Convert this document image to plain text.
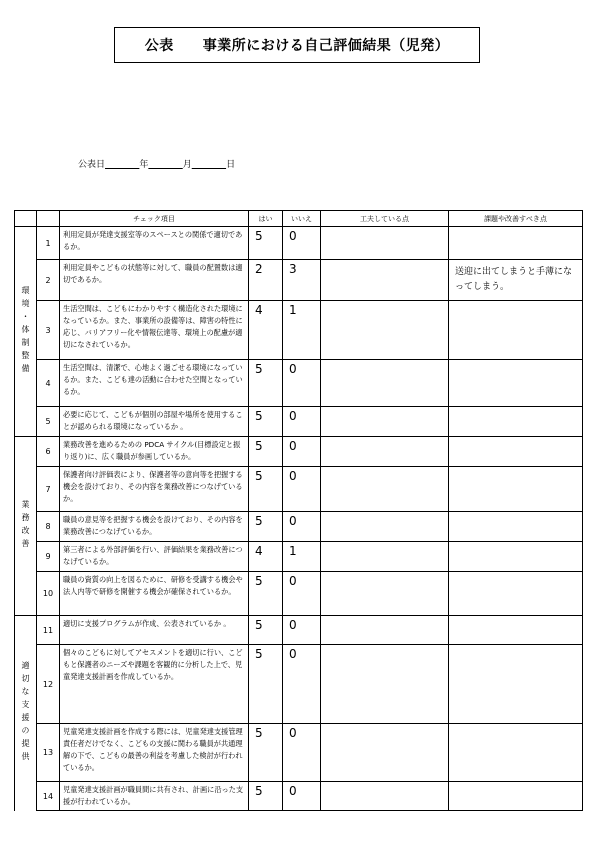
公表　　事業所における自己評価結果（児発）
公表日	年	月	日
		チェック項目	はい	いいえ	工夫している点	課題や改善すべき点

環境・体制整備	1	利用定員が発達支援室等のスペースとの関係で適切であるか。	5	0		
	2	利用定員やこどもの状態等に対して、職員の配置数は適切であるか。	2	3		送迎に出てしまうと手薄になってしまう。
	3	生活空間は、こどもにわかりやすく構造化された環境になっているか。また、事業所の設備等は、障害の特性に応じ、バリアフリー化や情報伝達等、環境上の配慮が適切になされているか。	4	1		
	4	生活空間は、清潔で、心地よく過ごせる環境になっているか。また、こども達の活動に合わせた空間となっているか。	5	0		
	5	必要に応じて、こどもが個別の部屋や場所を使用することが認められる環境になっているか 。	5	0		

業務改善	6	業務改善を進めるための PDCA サイクル(目標設定と振り返り)に、広く職員が参画しているか。	5	0		
	7	保護者向け評価表により、保護者等の意向等を把握する機会を設けており、その内容を業務改善につなげているか。	5	0		
	8	職員の意見等を把握する機会を設けており、その内容を業務改善につなげているか。	5	0		
	9	第三者による外部評価を行い、評価結果を業務改善につなげているか。	4	1		
	10	職員の資質の向上を図るために、研修を受講する機会や法人内等で研修を開催する機会が確保されているか。	5	0		

適切な支援の提供	11	適切に支援プログラムが作成、公表されているか 。	5	0		
	12	個々のこどもに対してアセスメントを適切に行い、こどもと保護者のニーズや課題を客観的に分析した上で、児童発達支援計画を作成しているか。	5	0		
	13	児童発達支援計画を作成する際には、児童発達支援管理責任者だけでなく、こどもの支援に関わる職員が共通理解の下で、こどもの最善の利益を考慮した検討が行われているか。	5	0		
	14	児童発達支援計画が職員間に共有され、計画に沿った支援が行われているか。	5	0		
